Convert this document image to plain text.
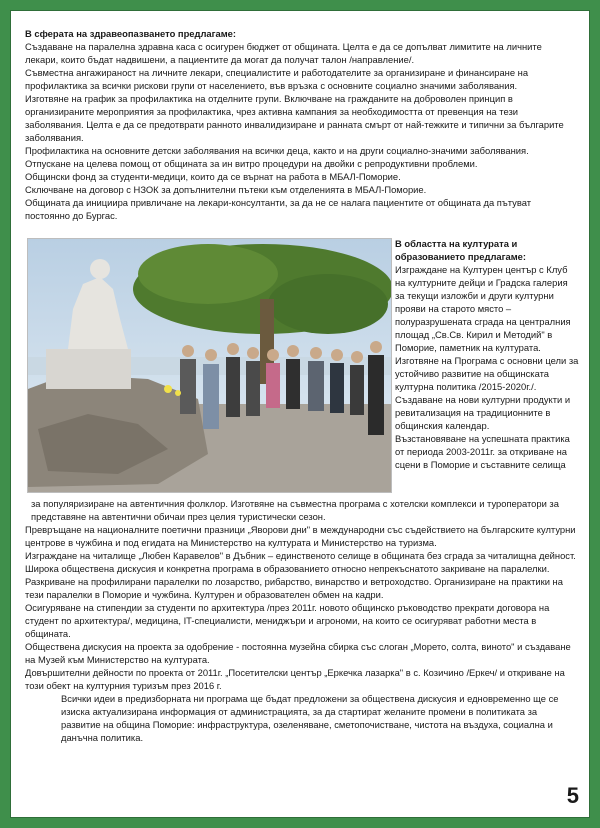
В сферата на здравеопазването предлагаме:

Създаване на паралелна здравна каса с осигурен бюджет от общината. Целта е да се допълват лимитите на личните лекари, които бъдат надвишени, а пациентите да могат да получат талон /направление/.

Съвместна ангажираност на личните лекари, специалистите и работодателите за организиране и финансиране на профилактика за всички рискови групи от населението, във връзка с основните социално значими заболявания.

Изготвяне на график за профилактика на отделните групи. Включване на гражданите на доброволен принцип в организираните мероприятия за профилактика, чрез активна кампания за необходимостта от превенция на тези заболявания. Целта е да се предотврати ранното инвалидизиране и ранната смърт от най-тежките и типични за българите заболявания.

Профилактика на основните детски заболявания на всички деца, както и на други социално-значими заболявания.

Отпускане на целева помощ от общината за ин витро процедури на двойки с репродуктивни проблеми.

Общински фонд за студенти-медици, които да се върнат на работа в МБАЛ-Поморие.

Сключване на договор с НЗОК за допълнителни пътеки към отделенията в МБАЛ-Поморие.

Общината да инициира привличане на лекари-консултанти, за да не се налага пациентите от общината да пътуват постоянно до Бургас.

В областта на културата и образованието предлагаме:

Изграждане на Културен център с Клуб на културните дейци и Градска галерия за текущи изложби и други културни прояви на старото място – полуразрушената сграда на централния площад „Св.Св. Кирил и Методий" в Поморие, паметник на културата.

Изготвяне на Програма с основни цели за устойчиво развитие на общинската културна политика /2015-2020г./.

Създаване на нови културни продукти и ревитализация на традиционните в общинския календар.

Възстановяване на успешната практика от периода 2003-2011г. за откриване на сцени в Поморие и съставните селища

за популяризиране на автентичния фолклор. Изготвяне на съвместна програма с хотелски комплекси и туроператори за представяне на автентични обичаи през целия туристически сезон.

Превръщане на националните поетични празници „Яворови дни" в международни със съдействието на българските културни центрове в чужбина и под егидата на Министерство на културата и Министерство на туризма.

Изграждане на читалище „Любен Каравелов" в Дъбник – единственото селище в общината без сграда за читалищна дейност.

Широка обществена дискусия и конкретна програма в образованието относно непрекъснатото закриване на паралелки.

Разкриване на профилирани паралелки по лозарство, рибарство, винарство и ветроходство. Организиране на практики на тези паралелки в Поморие и чужбина. Културен и образователен обмен на кадри.

Осигуряване на стипендии за студенти по архитектура /през 2011г. новото общинско ръководство прекрати договора на студент по архитектура/, медицина, IT-специалисти, мениджъри и агрономи, на които се осигуряват работни места в общината.

Обществена дискусия на проекта за одобрение - постоянна музейна сбирка със слоган „Морето, солта, виното" и създаване на Музей към Министерство на културата.

Довършителни дейности по проекта от 2011г. „Посетителски център „Еркечка лазарка" в с. Козичино /Еркеч/ и откриване на този обект на културния туризъм през 2016 г.

Всички идеи в предизборната ни програма ще бъдат предложени за обществена дискусия и едновременно ще се изиска актуализирана информация от администрацията, за да стартират желаните промени в политиката за развитие на община Поморие: инфраструктура, озеленяване, сметопочистване, чистота на въздуха, социална и данъчна политика.

5
